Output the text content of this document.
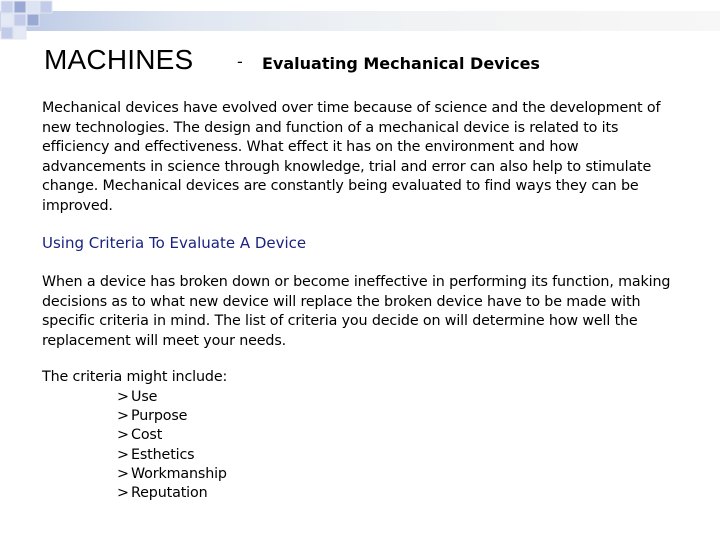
MACHINES	- Evaluating Mechanical Devices
Mechanical devices have evolved over time because of science and the development of new technologies. The design and function of a mechanical device is related to its efficiency and effectiveness. What effect it has on the environment and how advancements in science through knowledge, trial and error can also help to stimulate change. Mechanical devices are constantly being evaluated to find ways they can be improved.
Using Criteria To Evaluate A Device
When a device has broken down or become ineffective in performing its function, making decisions as to what new device will replace the broken device have to be made with specific criteria in mind. The list of criteria you decide on will determine how well the replacement will meet your needs.
The criteria might include:
> Use
> Purpose
> Cost
> Esthetics
> Workmanship
> Reputation
